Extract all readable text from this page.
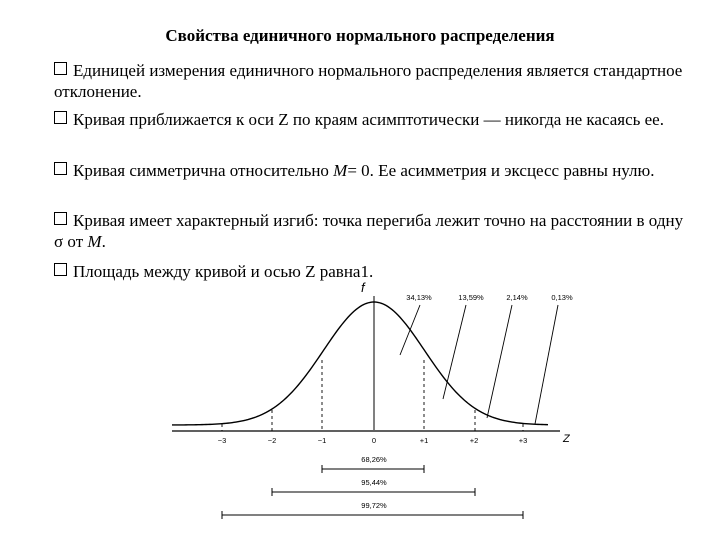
Свойства единичного нормального распределения
Единицей измерения единичного нормального распределения является стандартное отклонение.
Кривая приближается к оси Z по краям асимптотически — никогда не касаясь ее.
Кривая симметрична относительно M= 0. Ее асимметрия и эксцесс равны нулю.
Кривая имеет характерный изгиб: точка перегиба лежит точно на расстоянии в одну σ от M.
Площадь между кривой и осью Z равна1.
f
Z
−3	−2	−1	0	+1	+2	+3
34,13%	13,59%	2,14%	0,13%
68,26%
95,44%
99,72%
